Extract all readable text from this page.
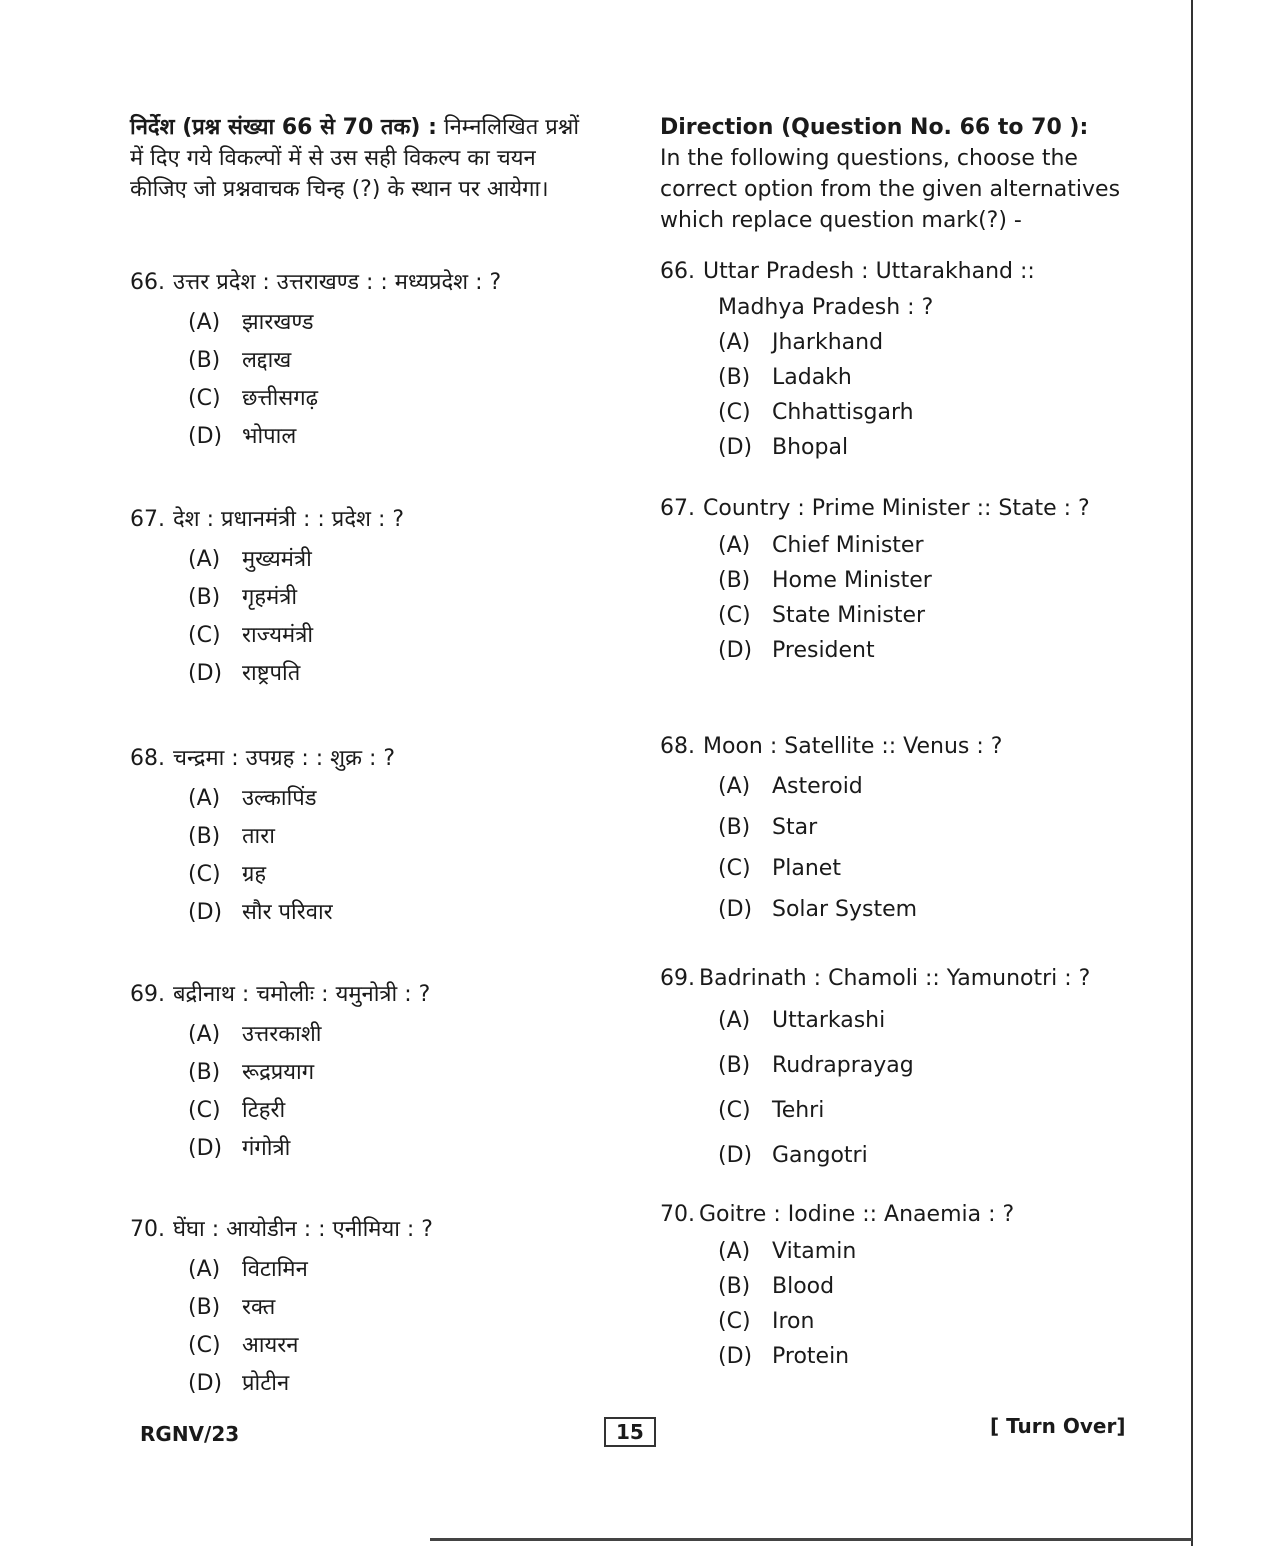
निर्देश (प्रश्न संख्या 66 से 70 तक) : निम्नलिखित प्रश्नों में दिए गये विकल्पों में से उस सही विकल्प का चयन कीजिए जो प्रश्नवाचक चिन्ह (?) के स्थान पर आयेगा।

66. उत्तर प्रदेश : उत्तराखण्ड : : मध्यप्रदेश : ?
(A) झारखण्ड
(B) लद्दाख
(C) छत्तीसगढ़
(D) भोपाल
67. देश : प्रधानमंत्री : : प्रदेश : ?
(A) मुख्यमंत्री
(B) गृहमंत्री
(C) राज्यमंत्री
(D) राष्ट्रपति
68. चन्द्रमा : उपग्रह : : शुक्र : ?
(A) उल्कापिंड
(B) तारा
(C) ग्रह
(D) सौर परिवार
69. बद्रीनाथ : चमोलीः : यमुनोत्री : ?
(A) उत्तरकाशी
(B) रूद्रप्रयाग
(C) टिहरी
(D) गंगोत्री
70. घेंघा : आयोडीन : : एनीमिया : ?
(A) विटामिन
(B) रक्त
(C) आयरन
(D) प्रोटीन

Direction (Question No. 66 to 70 ):
In the following questions, choose the correct option from the given alternatives which replace question mark(?) -

66. Uttar Pradesh : Uttarakhand ::
Madhya Pradesh : ?
(A) Jharkhand
(B) Ladakh
(C) Chhattisgarh
(D) Bhopal
67. Country : Prime Minister :: State : ?
(A) Chief Minister
(B) Home Minister
(C) State Minister
(D) President
68. Moon : Satellite :: Venus : ?
(A) Asteroid
(B) Star
(C) Planet
(D) Solar System
69. Badrinath : Chamoli :: Yamunotri : ?
(A) Uttarkashi
(B) Rudraprayag
(C) Tehri
(D) Gangotri
70. Goitre : Iodine :: Anaemia : ?
(A) Vitamin
(B) Blood
(C) Iron
(D) Protein
RGNV/23	15	[ Turn Over]
